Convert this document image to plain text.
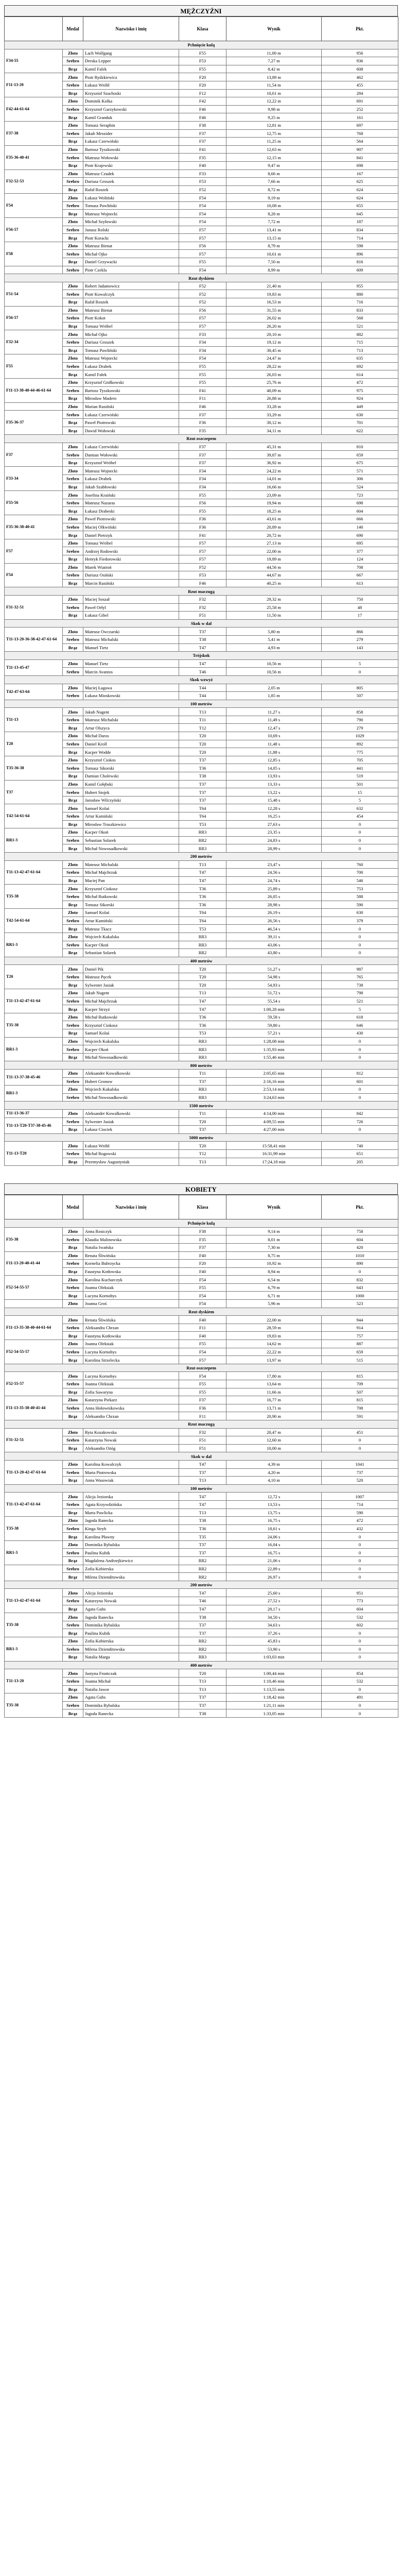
MĘŻCZYŹNI
	Medal	Nazwisko i imię	Klasa	Wynik	Pkt.
Pchnięcie kulą					
F34-55	Złoto	Lach Wolfgang	F55	11,00 m	956
	Srebro	Dreska Lepper	F53	7,27 m	936
	Brąz	Kamil Falek	F55	8,42 m	608
F11-13-20	Złoto	Piotr Rydzkiewicz	F20	13,89 m	462
	Srebro	Łukasz Wróbl	F20	11,54 m	455
	Brąz	Krzysztof Szachoski	F12	10,61 m	284
F42-44-61-64	Złoto	Dominik Kolka	F42	12,22 m	691
	Srebro	Krzysztof Garzykowski	F46	9,98 m	252
	Brąz	Kamil Granduk	F46	9,25 m	161
F37-38	Złoto	Tomasz Seraphin	F38	12,81 m	697
	Srebro	Jakub Mrozider	F37	12,75 m	768
	Brąz	Łukasz Czerwiński	F37	11,25 m	564
F35-36-40-41	Złoto	Bartosz Tyszkowski	F41	12,63 m	907
	Srebro	Mateusz Wołowski	F35	12,15 m	841
	Brąz	Piotr Krajewski	F40	9,47 m	698
F32-52-53	Złoto	Mateusz Czudek	F33	8,66 m	167
	Srebro	Dariusz Groszek	F53	7,66 m	625
	Brąz	Rafał Roszek	F52	8,72 m	624
F54	Złoto	Łukasz Woliński	F54	9,19 m	624
	Srebro	Tomasz Pawliński	F54	10,08 m	655
	Brąz	Mateusz Wojnecki	F54	8,28 m	645
F56-57	Złoto	Michał Szyłowski	F54	7,72 m	187
	Srebro	Janusz Rolski	F57	13,41 m	834
	Brąz	Piotr Koracki	F57	13,15 m	714
F58	Złoto	Mateusz Bienat	F56	8,79 m	598
	Srebro	Michał Ojko	F57	10,61 m	896
	Brąz	Daniel Grzywacki	F55	7,50 m	816
	Srebro	Piotr Czekla	F54	8,99 m	609
Rzut dyskiem					
F51-54	Złoto	Robert Jadamowicz	F52	21,40 m	955
	Srebro	Piotr Kowalczyk	F52	19,83 m	880
	Brąz	Rafał Roszek	F52	16,53 m	716
F56-57	Złoto	Mateusz Bienat	F56	31,55 m	833
	Srebro	Piotr Kokot	F57	26,02 m	568
	Brąz	Tomasz Wróbel	F57	26,20 m	521
F32-34	Złoto	Michał Ojko	F33	20,10 m	882
	Srebro	Dariusz Groszek	F34	19,12 m	715
	Brąz	Tomasz Pawliński	F34	30,45 m	713
F55	Złoto	Mateusz Wojnecki	F54	24,47 m	635
	Srebro	Łukasz Drabek	F55	28,22 m	692
	Brąz	Kamil Fałek	F55	26,03 m	614
F11-13-38-40-44-46-61-64	Złoto	Krzysztof Gniłkowski	F55	25,76 m	472
	Srebro	Bartosz Tyszkowski	F41	40,09 m	975
	Brąz	Mirosław Madern	F11	26,88 m	924
	Złoto	Marian Rusiński	F46	33,28 m	449
F35-36-37	Srebro	Łukasz Czerwiński	F37	33,29 m	630
	Brąz	Paweł Piotrowski	F36	30,12 m	701
	Brąz	Dawid Wołowski	F35	34,11 m	622
Rzut oszczepem					
F37	Złoto	Łukasz Czerwiński	F37	45,31 m	810
	Srebro	Damian Wołowski	F37	39,87 m	659
	Brąz	Krzysztof Wróbel	F37	36,92 m	675
F33-34	Złoto	Mateusz Wojnecki	F34	24,22 m	571
	Srebro	Łukasz Drabek	F34	14,01 m	306
	Brąz	Jakub Szabłowski	F34	16,66 m	524
F55-56	Złoto	Josefina Kraiński	F55	23,09 m	723
	Srebro	Mateusz Nazaras	F56	19,94 m	698
	Brąz	Łukasz Drabeski	F55	18,25 m	604
F35-36-38-40-41	Złoto	Paweł Piotrowski	F36	43,61 m	666
	Srebro	Maciej Olkwiński	F36	20,89 m	140
	Brąz	Daniel Pietrzyk	F41	20,72 m	690
F57	Złoto	Tomasz Wróbel	F57	27,13 m	695
	Srebro	Andrzej Rodowski	F57	22,00 m	377
	Brąz	Henryk Fiedorowski	F57	19,89 m	124
F54	Złoto	Marek Wiatroń	F52	44,56 m	708
	Srebro	Dariusz Osiński	F53	44,67 m	667
	Brąz	Marcin Rusiński	F46	40,25 m	613
Rzut maczugą					
F31-32-51	Złoto	Maciej Soszał	F32	29,32 m	750
	Srebro	Paweł Orłyl	F32	25,58 m	48
	Brąz	Łukasz Gibel	F51	11,50 m	17
Skok w dal					
T11-13-20-36-38-42-47-61-64	Złoto	Mateusz Owczarski	T37	5,80 m	866
	Srebro	Mateusz Michalski	T38	5,41 m	279
	Brąz	Manuel Tietz	T47	4,93 m	143
Trójskok					
T11-13-45-47	Złoto	Manuel Tietz	T47	10,56 m	5
	Srebro	Marcin Avantos	T46	10,56 m	0
Skok wzwyż					
T42-47-63-64	Złoto	Maciej Łagawa	T44	2,05 m	805
	Srebro	Łukasz Mioskowski	T44	1,85 m	507
100 metrów					
T11-13	Złoto	Jakub Nugent	T13	11,27 s	858
	Srebro	Mateusz Michalski	T11	11,49 s	790
	Brąz	Artur Olszyca	T12	12,47 s	279
T20	Złoto	Michał Daros	T20	10,69 s	1029
	Srebro	Daniel Kroll	T20	11,48 s	892
	Brąz	Kacper Wodde	T20	11,88 s	775
T35-36-38	Złoto	Krzysztof Ciokos	T37	12,85 s	705
	Srebro	Tomasz Sikorski	T36	14,05 s	441
	Brąz	Damian Cholewski	T38	13,93 s	519
T37	Złoto	Kamil Gołębski	T37	13,33 s	501
	Srebro	Hubert Stojek	T37	13,22 s	15
	Brąz	Jarosław Wilczyński	T37	15,48 s	5
T42-54-61-64	Złoto	Samuel Kolaś	T64	12,28 s	632
	Srebro	Artur Kamiński	T64	16,25 s	454
	Brąz	Mirosław Truszkiewicz	T53	27,63 s	0
RR1-3	Złoto	Kacper Okoń	RR3	23,35 s	0
	Srebro	Sebastian Solarek	RR2	24,83 s	0
	Brąz	Michał Nowosadkowski	RR3	28,99 s	0
200 metrów					
T11-13-42-47-61-64	Złoto	Mateusz Michalski	T13	23,47 s	760
	Srebro	Michał Majchrzak	T47	24,56 s	700
	Brąz	Maciej Pan	T47	24,74 s	546
T35-38	Złoto	Krzysztof Ciokosz	T36	25,89 s	753
	Srebro	Michał Rutkowski	T36	26,05 s	588
	Brąz	Tomasz Sikorski	T36	28,98 s	590
T42-54-61-64	Złoto	Samuel Kolaś	T64	26,19 s	630
	Srebro	Artur Kamiński	T64	26,56 s	379
	Brąz	Mateusz Tkacz	T53	46,54 s	0
RR1-3	Złoto	Wojciech Kukalska	RR3	39,11 s	0
	Srebro	Kacper Okoń	RR3	43,06 s	0
	Brąz	Sebastian Solarek	RR2	43,80 s	0
400 metrów					
T20	Złoto	Daniel Pik	T20	51,27 s	987
	Srebro	Mateusz Pęcek	T20	54,98 s	765
	Brąz	Sylwester Jasiak	T20	54,93 s	738
T11-13-42-47-61-64	Złoto	Jakub Nugent	T13	51,72 s	798
	Srebro	Michał Majchrzak	T47	55,54 s	521
	Brąz	Kacper Strzyż	T47	1:00,28 min	5
T35-38	Złoto	Michał Rutkowski	T36	59,58 s	618
	Srebro	Krzysztof Ciokosz	T36	59,80 s	646
	Brąz	Samuel Kolaś	T53	57,21 s	430
RR1-3	Złoto	Wojciech Kukalska	RR3	1:28,08 min	0
	Srebro	Kacper Okoń	RR3	1:35,93 min	0
	Brąz	Michał Nowosadkowski	RR3	1:55,46 min	0
800 metrów					
T11-13-37-38-45-46	Złoto	Aleksander Kowalkowski	T11	2:05,65 min	812
	Srebro	Hubert Gronow	T37	2:16,16 min	601
RR1-3	Złoto	Wojciech Kukalska	RR3	2:53,14 min	0
	Srebro	Michał Nowosadkowski	RR3	3:24,63 min	0
1500 metrów					
T11-13-36-37	Złoto	Aleksander Kowalkowski	T11	4:14,00 min	842
T11-13-T20-T37-38-45-46	Srebro	Sylwester Jasiak	T20	4:09,55 min	726
	Brąz	Łukasz Ciociek	T37	4:27,00 min	0
5000 metrów					
T11-13-T20	Złoto	Łukasz Wróbl	T20	15:58,41 min	740
	Srebro	Michał Rogowski	T12	16:31,99 min	651
	Brąz	Przemysław Augustyniak	T13	17:24,18 min	205
KOBIETY
	Medal	Nazwisko i imię	Klasa	Wynik	Pkt.
Pchnięcie kulą					
F35-38	Złoto	Anna Rosiczyk	F38	9,14 m	758
	Srebro	Klaudia Malinowska	F35	8,01 m	604
	Brąz	Natalia Iwańska	F37	7,30 m	420
F11-13-20-40-41-44	Złoto	Renata Śliwińska	F40	8,75 m	1010
	Srebro	Kornelia Bubrzycka	F20	10,92 m	890
	Brąz	Faustyna Kotłowska	F40	8,94 m	0
F52-54-55-57	Złoto	Karolina Kucharczyk	F54	6,54 m	832
	Srebro	Joanna Oleksiak	F55	6,79 m	643
	Brąz	Lucyna Kornobys	F54	6,71 m	1000
	Złoto	Joanna Groś	F54	5,96 m	523
Rzut dyskiem					
F11-13-35-38-40-44-61-64	Złoto	Renata Śliwińska	F40	22,00 m	944
	Srebro	Aleksandra Chrzan	F11	28,59 m	914
	Brąz	Faustyna Kotłowska	F40	19,83 m	757
F52-54-55-57	Złoto	Joanna Oleksiak	F55	14,62 m	887
	Srebro	Lucyna Kornobys	F54	22,22 m	659
	Brąz	Karolina Strzelecka	F57	13,97 m	515
Rzut oszczepem					
F52-55-57	Złoto	Lucyna Kornobys	F54	17,80 m	815
	Srebro	Joanna Oleksiak	F55	13,64 m	709
	Brąz	Zofia Sawaryna	F55	11,66 m	507
F11-13-35-38-40-41-44	Złoto	Katarzyna Piekarz	F37	16,77 m	815
	Srebro	Anna Hołownikowska	F36	13,71 m	708
	Brąz	Aleksandra Chrzan	F11	20,90 m	591
Rzut maczugą					
F31-32-51	Złoto	Ryta Kozakowska	F32	20,47 m	451
	Srebro	Katarzyna Nowak	F51	12,60 m	0
	Brąz	Aleksandra Ożóg	F51	10,00 m	0
Skok w dal					
T11-13-20-42-47-61-64	Złoto	Karolina Kowalczyk	T47	4,39 m	1041
	Srebro	Marta Piotrowska	T37	4,20 m	737
	Brąz	Anna Wasowiak	T13	4,10 m	520
100 metrów					
T11-13-42-47-61-64	Złoto	Alicja Jeziorska	T47	12,72 s	1007
	Srebro	Agata Krzywdzińska	T47	13,53 s	714
	Brąz	Marta Pawlicka	T13	13,75 s	590
T35-38	Złoto	Jagoda Ranecka	T38	16,75 s	472
	Srebro	Kinga Stryb	T36	18,61 s	432
	Brąz	Karolina Pławny	T35	24,06 s	0
RR1-3	Złoto	Dominika Rybalska	T37	16,04 s	0
	Srebro	Paulina Kubik	T37	16,75 s	0
	Brąz	Magdalena Andrzejkiewicz	RR2	21,06 s	0
	Srebro	Zofia Kobierska	RR2	22,89 s	0
	Brąz	Milena Dzienditowska	RR2	26,97 s	0
200 metrów					
T11-13-42-47-61-64	Złoto	Alicja Jeziorska	T47	25,60 s	951
	Srebro	Katarzyna Nowak	T46	27,52 s	773
	Brąz	Agata Guhs	T47	28,17 s	604
T35-38	Złoto	Jagoda Ranecka	T38	34,50 s	532
	Srebro	Dominika Rybalska	T37	34,63 s	602
	Brąz	Paulina Kubik	T37	37,26 s	0
RR1-3	Złoto	Zofia Kobierska	RR2	45,83 s	0
	Srebro	Milena Dzienditowska	RR2	53,90 s	0
	Brąz	Natalia Marga	RR3	1:03,03 min	0
400 metrów					
T11-13-20	Złoto	Justyna Frontczak	T20	1:00,44 min	854
	Srebro	Joanna Michał	T13	1:10,46 min	532
	Brąz	Natalia Jawor	T13	1:13,55 min	0
T35-38	Złoto	Agata Gubs	T37	1:18,42 min	491
	Srebro	Dominika Rybalska	T37	1:21,11 min	0
	Brąz	Jagoda Ranecka	T38	1:33,05 min	0
